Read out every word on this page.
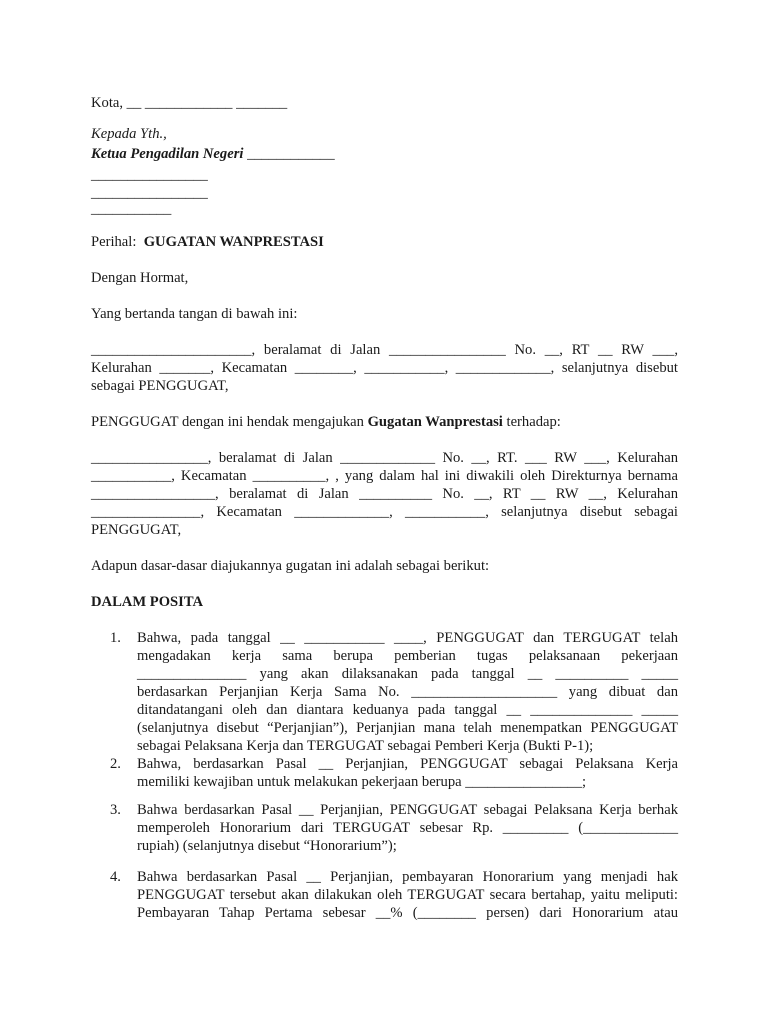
Kota, __ ____________ _______
Kepada Yth.,
Ketua Pengadilan Negeri ____________
________________
________________
___________
Perihal: GUGATAN WANPRESTASI
Dengan Hormat,
Yang bertanda tangan di bawah ini:
______________________, beralamat di Jalan ________________ No. __, RT __ RW ___,
Kelurahan _______, Kecamatan ________, ___________, _____________, selanjutnya disebut
sebagai PENGGUGAT,
PENGGUGAT dengan ini hendak mengajukan Gugatan Wanprestasi terhadap:
________________, beralamat di Jalan _____________ No. __, RT. ___ RW ___, Kelurahan
___________, Kecamatan __________, , yang dalam hal ini diwakili oleh Direkturnya bernama
_________________, beralamat di Jalan __________ No. __, RT __ RW __, Kelurahan
_______________, Kecamatan _____________, ___________, selanjutnya disebut sebagai
PENGGUGAT,
Adapun dasar-dasar diajukannya gugatan ini adalah sebagai berikut:
DALAM POSITA
1. Bahwa, pada tanggal __ ___________ ____, PENGGUGAT dan TERGUGAT telah
mengadakan kerja sama berupa pemberian tugas pelaksanaan pekerjaan
_______________ yang akan dilaksanakan pada tanggal __ __________ _____
berdasarkan Perjanjian Kerja Sama No. ____________________ yang dibuat dan
ditandatangani oleh dan diantara keduanya pada tanggal __ ______________ _____
(selanjutnya disebut “Perjanjian”), Perjanjian mana telah menempatkan PENGGUGAT
sebagai Pelaksana Kerja dan TERGUGAT sebagai Pemberi Kerja (Bukti P-1);
2. Bahwa, berdasarkan Pasal __ Perjanjian, PENGGUGAT sebagai Pelaksana Kerja
memiliki kewajiban untuk melakukan pekerjaan berupa ________________;
3. Bahwa berdasarkan Pasal __ Perjanjian, PENGGUGAT sebagai Pelaksana Kerja berhak
memperoleh Honorarium dari TERGUGAT sebesar Rp. _________ (_____________
rupiah) (selanjutnya disebut “Honorarium”);
4. Bahwa berdasarkan Pasal __ Perjanjian, pembayaran Honorarium yang menjadi hak
PENGGUGAT tersebut akan dilakukan oleh TERGUGAT secara bertahap, yaitu meliputi:
Pembayaran Tahap Pertama sebesar __% (________ persen) dari Honorarium atau
